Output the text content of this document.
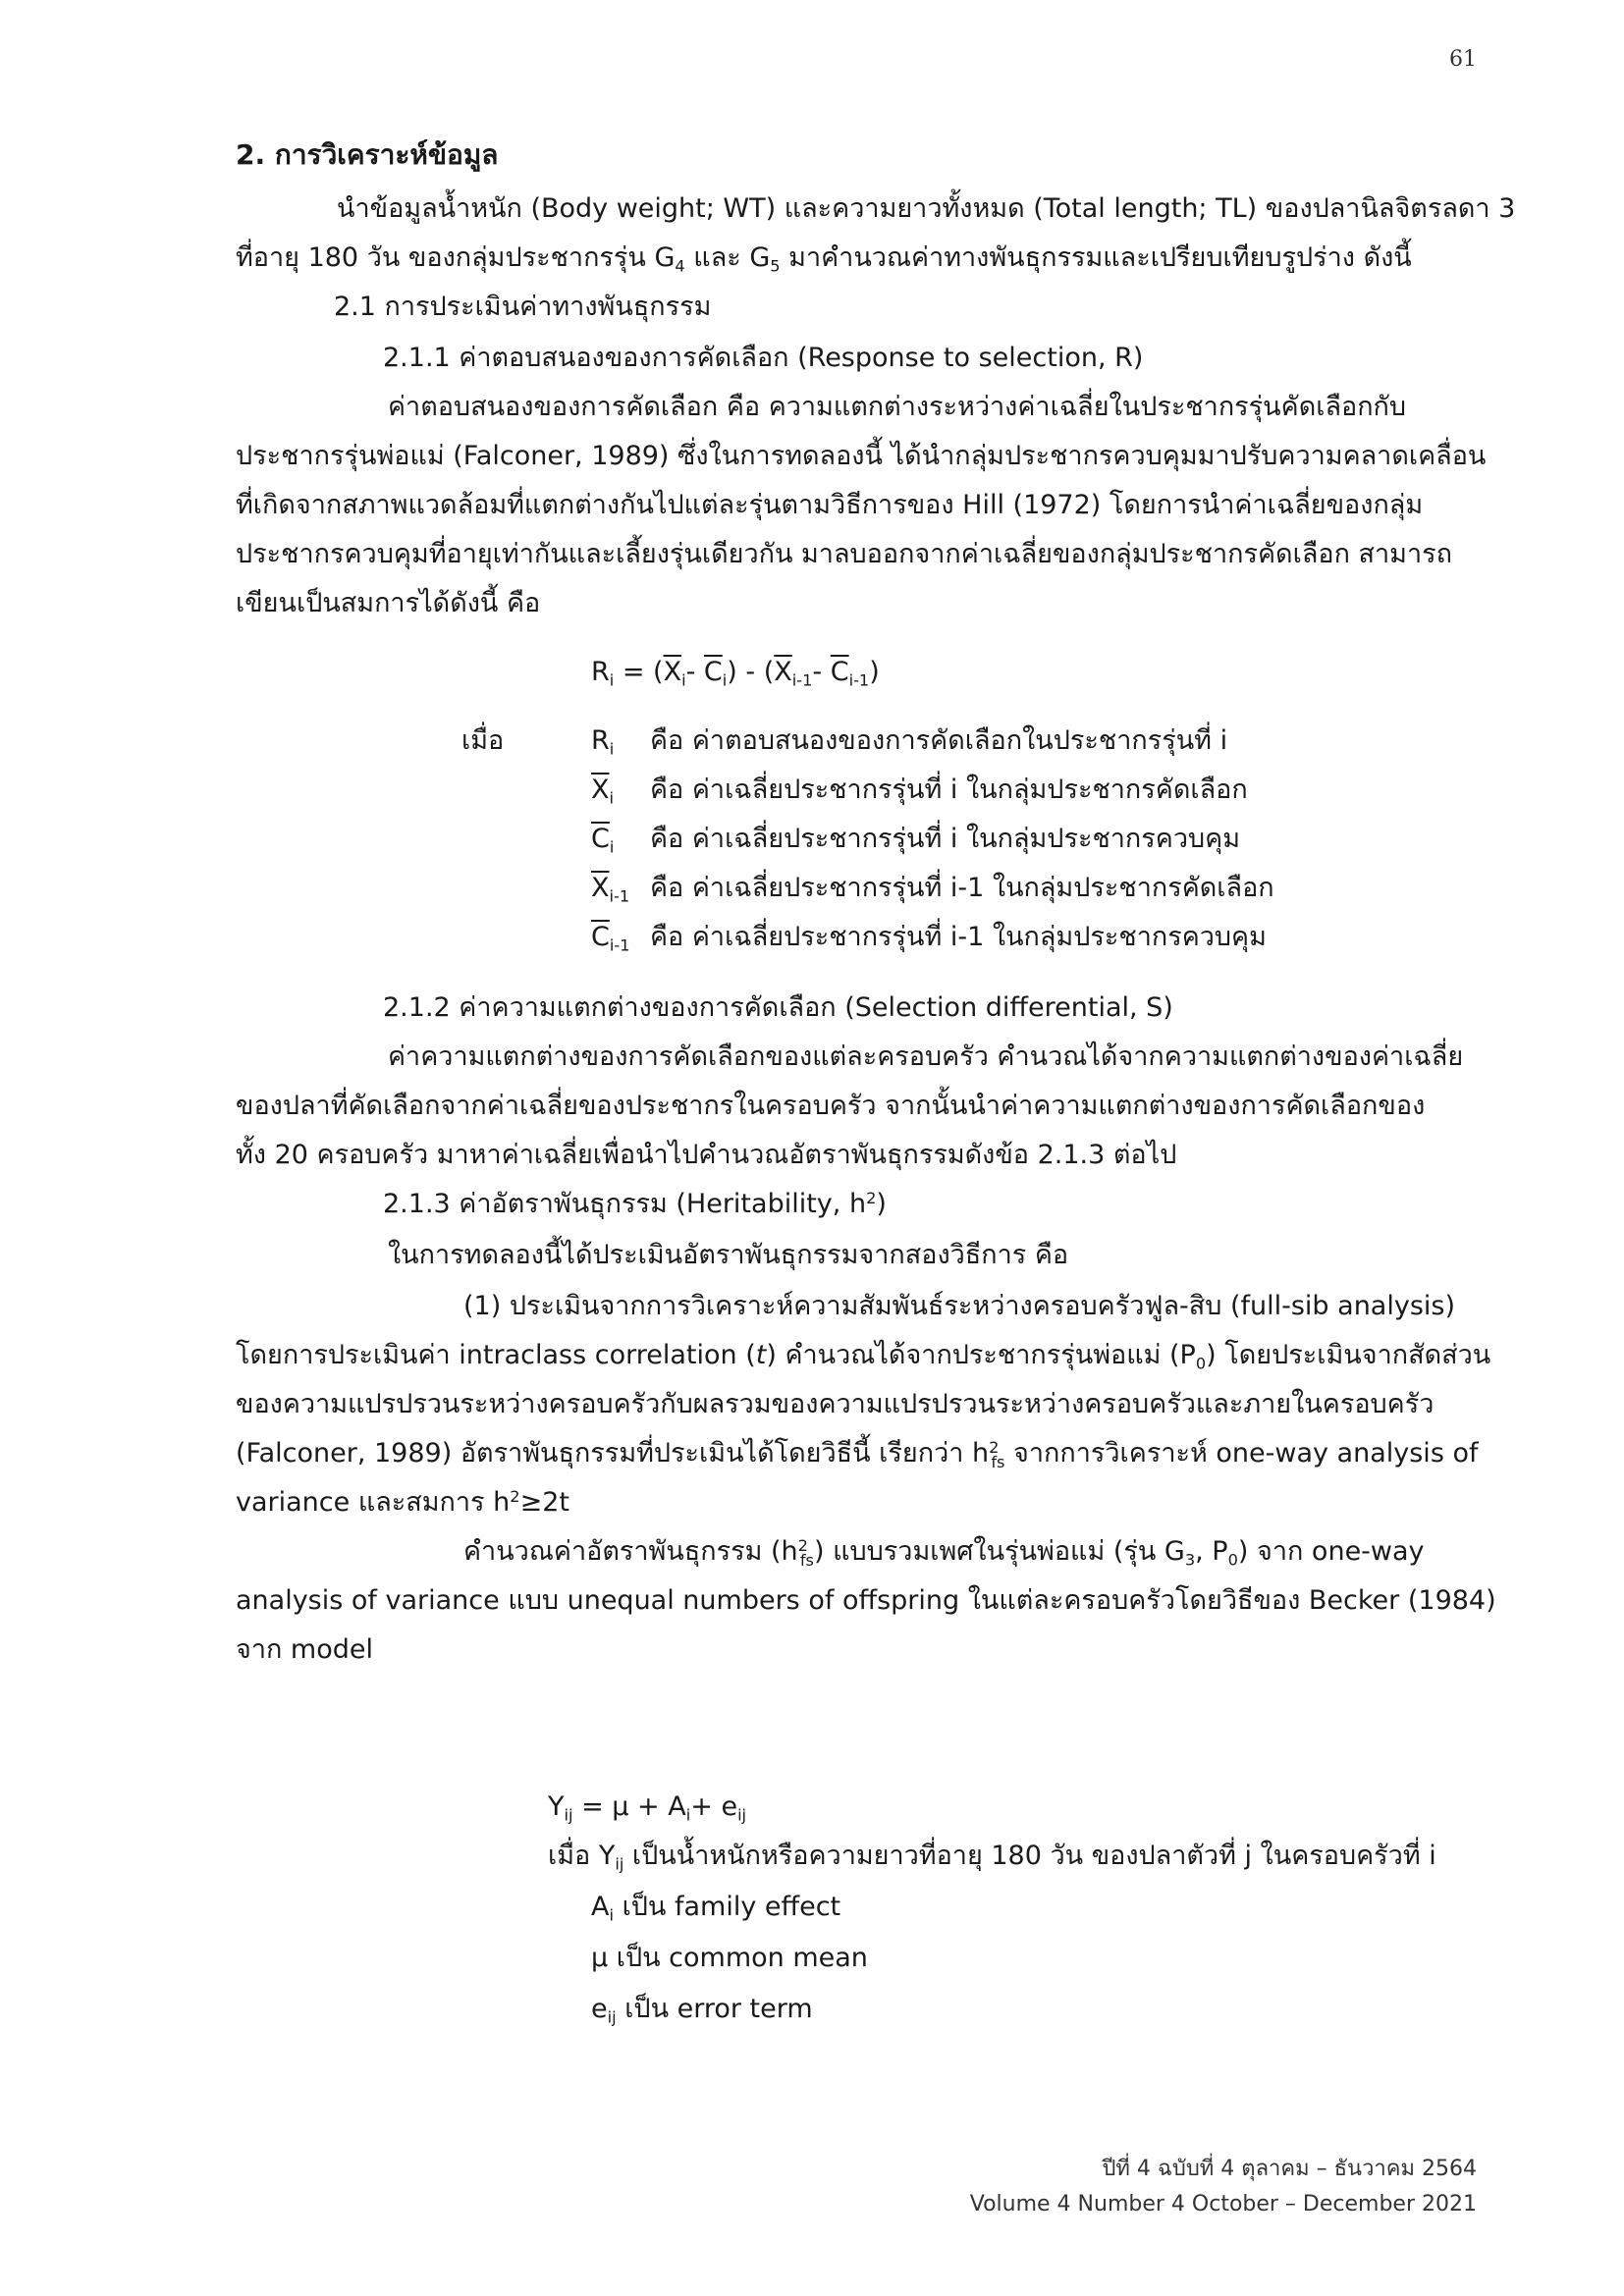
61
2. การวิเคราะห์ข้อมูล
นำข้อมูลน้ำหนัก (Body weight; WT) และความยาวทั้งหมด (Total length; TL) ของปลานิลจิตรลดา 3
ที่อายุ 180 วัน ของกลุ่มประชากรรุ่น $G_4$ และ $G_5$ มาคำนวณค่าทางพันธุกรรมและเปรียบเทียบรูปร่าง ดังนี้
2.1 การประเมินค่าทางพันธุกรรม
2.1.1 ค่าตอบสนองของการคัดเลือก (Response to selection, R)
ค่าตอบสนองของการคัดเลือก คือ ความแตกต่างระหว่างค่าเฉลี่ยในประชากรรุ่นคัดเลือกกับ
ประชากรรุ่นพ่อแม่ (Falconer, 1989) ซึ่งในการทดลองนี้ ได้นำกลุ่มประชากรควบคุมมาปรับความคลาดเคลื่อน
ที่เกิดจากสภาพแวดล้อมที่แตกต่างกันไปแต่ละรุ่นตามวิธีการของ Hill (1972) โดยการนำค่าเฉลี่ยของกลุ่ม
ประชากรควบคุมที่อายุเท่ากันและเลี้ยงรุ่นเดียวกัน มาลบออกจากค่าเฉลี่ยของกลุ่มประชากรคัดเลือก สามารถ
เขียนเป็นสมการได้ดังนี้ คือ
$R_i = (\overline{X}_i-$ $\overline{C}_i) - (\overline{X}_{i-1}-$ $\overline{C}_{i-1}$)
เมื่อ	$R_i$ คือ ค่าตอบสนองของการคัดเลือกในประชากรรุ่นที่ i
$\overline{X}_i$ คือ ค่าเฉลี่ยประชากรรุ่นที่ i ในกลุ่มประชากรคัดเลือก
$\overline{C}_i$ คือ ค่าเฉลี่ยประชากรรุ่นที่ i ในกลุ่มประชากรควบคุม
$\overline{X}_{i-1}$ คือ ค่าเฉลี่ยประชากรรุ่นที่ i-1 ในกลุ่มประชากรคัดเลือก
$\overline{C}_{i-1}$ คือ ค่าเฉลี่ยประชากรรุ่นที่ i-1 ในกลุ่มประชากรควบคุม
2.1.2 ค่าความแตกต่างของการคัดเลือก (Selection differential, S)
ค่าความแตกต่างของการคัดเลือกของแต่ละครอบครัว คำนวณได้จากความแตกต่างของค่าเฉลี่ย
ของปลาที่คัดเลือกจากค่าเฉลี่ยของประชากรในครอบครัว จากนั้นนำค่าความแตกต่างของการคัดเลือกของ
ทั้ง 20 ครอบครัว มาหาค่าเฉลี่ยเพื่อนำไปคำนวณอัตราพันธุกรรมดังข้อ 2.1.3 ต่อไป
2.1.3 ค่าอัตราพันธุกรรม (Heritability, $h^2$)
ในการทดลองนี้ได้ประเมินอัตราพันธุกรรมจากสองวิธีการ คือ
(1) ประเมินจากการวิเคราะห์ความสัมพันธ์ระหว่างครอบครัวฟูล-สิบ (full-sib analysis)
โดยการประเมินค่า intraclass correlation (t) คำนวณได้จากประชากรรุ่นพ่อแม่ $(P_0)$ โดยประเมินจากสัดส่วน
ของความแปรปรวนระหว่างครอบครัวกับผลรวมของความแปรปรวนระหว่างครอบครัวและภายในครอบครัว
(Falconer, 1989) อัตราพันธุกรรมที่ประเมินได้โดยวิธีนี้ เรียกว่า $h^2_{fs}$ จากการวิเคราะห์ one-way analysis of
variance และสมการ $h^2\ge 2t$
คำนวณค่าอัตราพันธุกรรม $(h^2_{fs})$ แบบรวมเพศในรุ่นพ่อแม่ (รุ่น $G_3$, $P_0$) จาก one-way
analysis of variance แบบ unequal numbers of offspring ในแต่ละครอบครัวโดยวิธีของ Becker (1984)
จาก model
$Y_{ij} = \mu + A_i+ e_{ij}$
เมื่อ $Y_{ij}$ เป็นน้ำหนักหรือความยาวที่อายุ 180 วัน ของปลาตัวที่ j ในครอบครัวที่ i
$A_i$ เป็น family effect
μ เป็น common mean
$e_{ij}$ เป็น error term
ปีที่ 4 ฉบับที่ 4 ตุลาคม – ธันวาคม 2564
Volume 4 Number 4 October – December 2021
